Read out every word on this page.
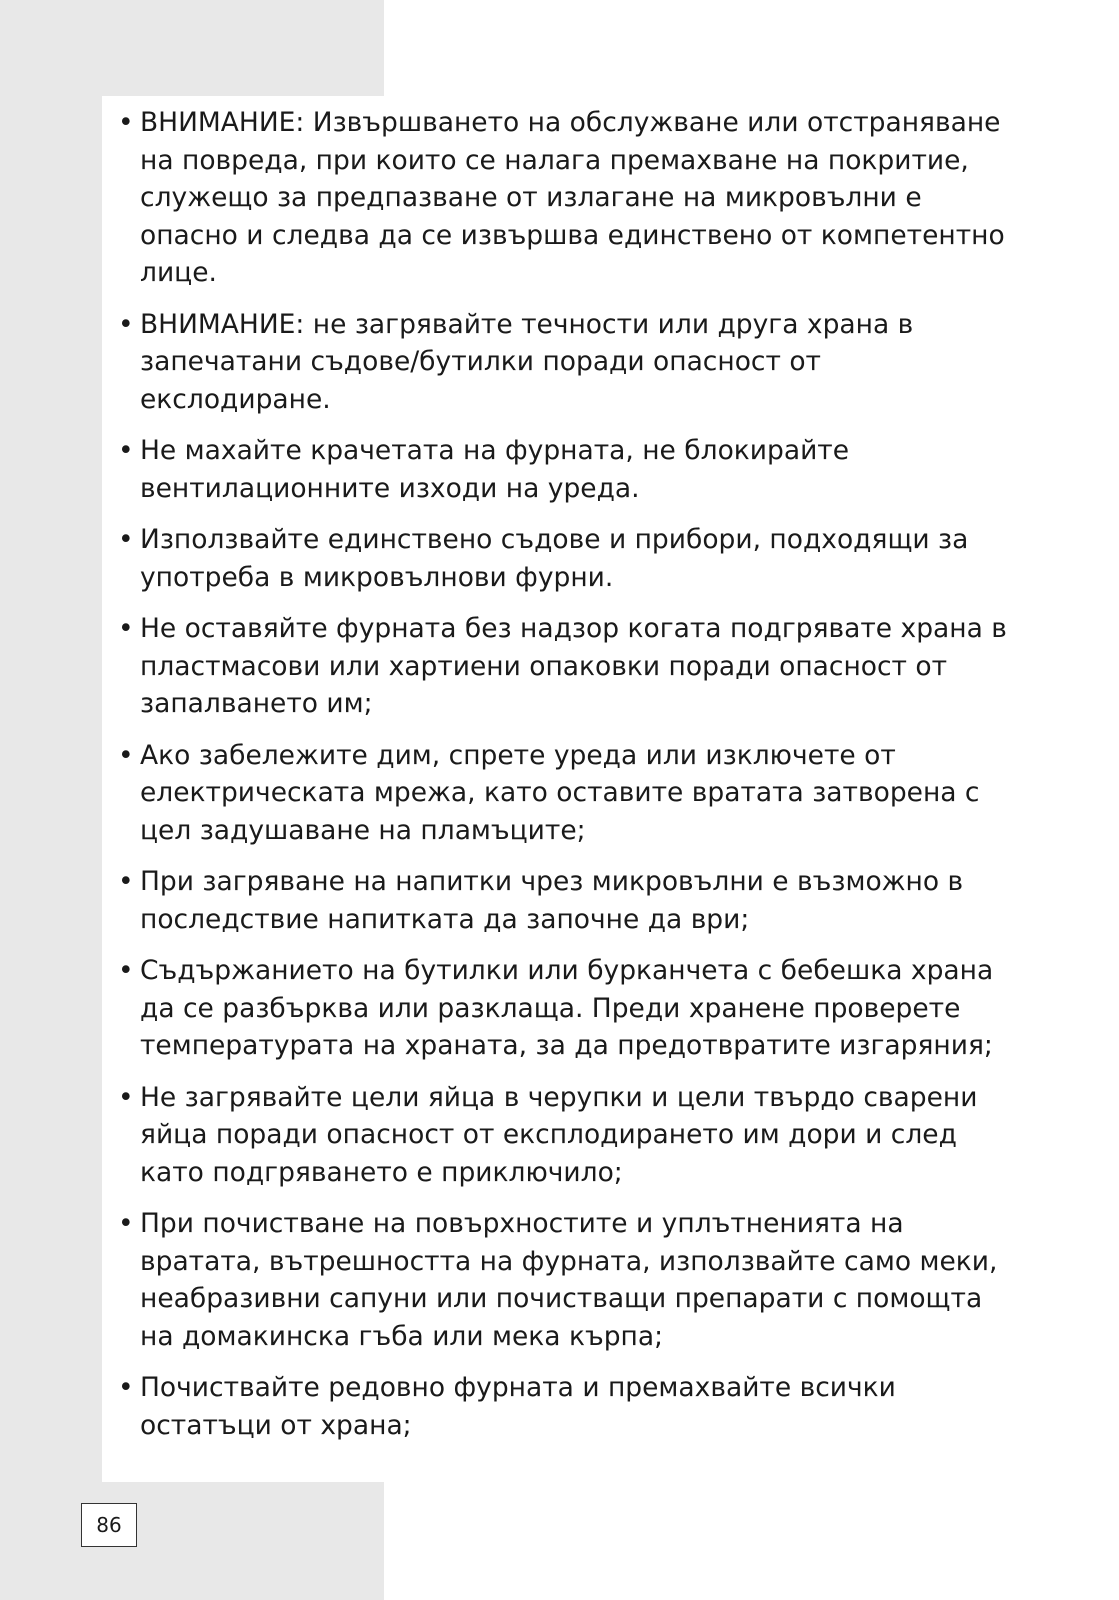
• ВНИМАНИЕ: Извършването на обслужване или отстраняване на повреда, при които се налага премахване на покритие, служещо за предпазване от излагане на микровълни е опасно и следва да се извършва единствено от компетентно лице.
• ВНИМАНИЕ: не загрявайте течности или друга храна в запечатани съдове/бутилки поради опасност от екслодиране.
• Не махайте крачетата на фурната, не блокирайте вентилационните изходи на уреда.
• Използвайте единствено съдове и прибори, подходящи за употреба в микровълнови фурни.
• Не оставяйте фурната без надзор когата подгрявате храна в пластмасови или хартиени опаковки поради опасност от запалването им;
• Ако забележите дим, спрете уреда или изключете от електрическата мрежа, като оставите вратата затворена с цел задушаване на пламъците;
• При загряване на напитки чрез микровълни е възможно в последствие напитката да започне да ври;
• Съдържанието на бутилки или бурканчета с бебешка храна да се разбърква или разклаща. Преди хранене проверете температурата на храната, за да предотвратите изгаряния;
• Не загрявайте цели яйца в черупки и цели твърдо сварени яйца поради опасност от експлодирането им дори и след като подгряването е приключило;
• При почистване на повърхностите и уплътненията на вратата, вътрешността на фурната, използвайте само меки, неабразивни сапуни или почистващи препарати с помощта на домакинска гъба или мека кърпа;
• Почиствайте редовно фурната и премахвайте всички остатъци от храна;
86
